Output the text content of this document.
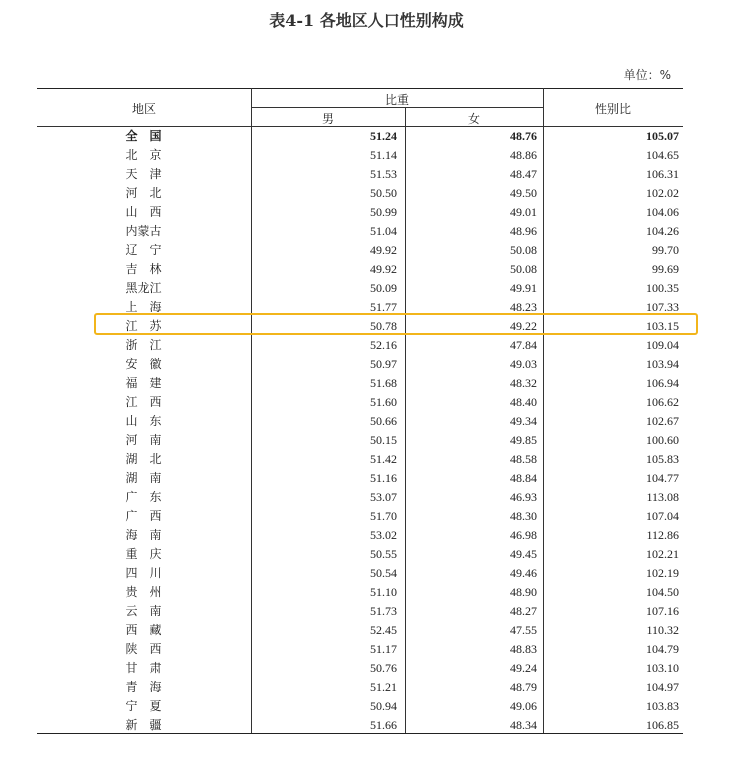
表4-1 各地区人口性别构成
单位：%
地区
比重
男	女
性别比
全　国	51.24	48.76	105.07
北　京	51.14	48.86	104.65
天　津	51.53	48.47	106.31
河　北	50.50	49.50	102.02
山　西	50.99	49.01	104.06
内蒙古	51.04	48.96	104.26
辽　宁	49.92	50.08	99.70
吉　林	49.92	50.08	99.69
黑龙江	50.09	49.91	100.35
上　海	51.77	48.23	107.33
江　苏	50.78	49.22	103.15
浙　江	52.16	47.84	109.04
安　徽	50.97	49.03	103.94
福　建	51.68	48.32	106.94
江　西	51.60	48.40	106.62
山　东	50.66	49.34	102.67
河　南	50.15	49.85	100.60
湖　北	51.42	48.58	105.83
湖　南	51.16	48.84	104.77
广　东	53.07	46.93	113.08
广　西	51.70	48.30	107.04
海　南	53.02	46.98	112.86
重　庆	50.55	49.45	102.21
四　川	50.54	49.46	102.19
贵　州	51.10	48.90	104.50
云　南	51.73	48.27	107.16
西　藏	52.45	47.55	110.32
陕　西	51.17	48.83	104.79
甘　肃	50.76	49.24	103.10
青　海	51.21	48.79	104.97
宁　夏	50.94	49.06	103.83
新　疆	51.66	48.34	106.85
